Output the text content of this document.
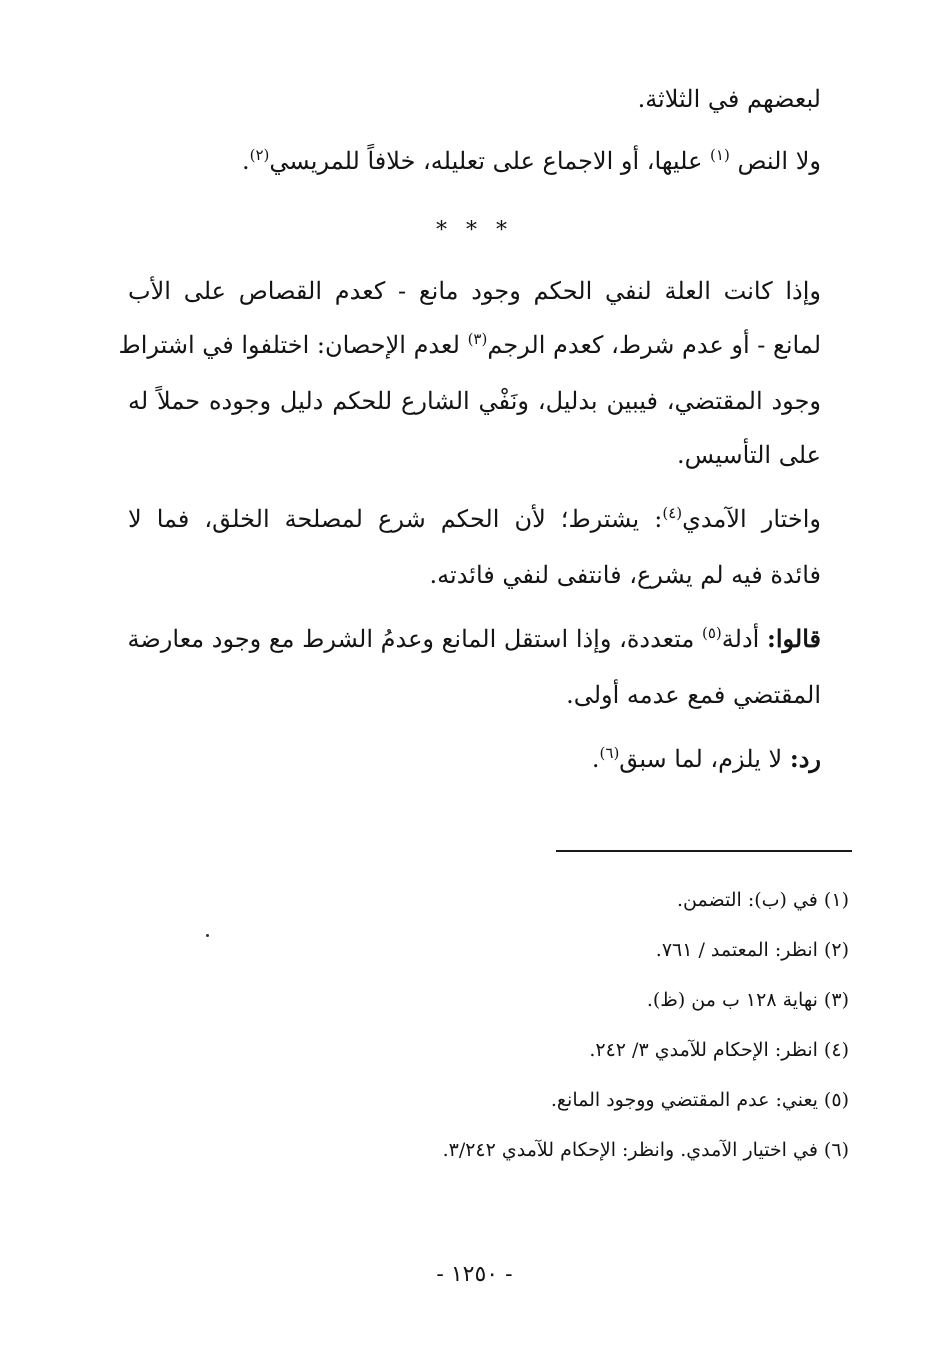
لبعضهم في الثلاثة.
ولا النص $^{(١)}$ عليها، أو الاجماع على تعليله، خلافاً للمريسي$^{(٢)}$.
* * *
وإذا كانت العلة لنفي الحكم وجود مانع - كعدم القصاص على الأب
لمانع - أو عدم شرط، كعدم الرجم$^{(٣)}$ لعدم الإحصان: اختلفوا في اشتراط
وجود المقتضي، فيبين بدليل، ونَفْي الشارع للحكم دليل وجوده حملاً له
على التأسيس.
واختار الآمدي$^{(٤)}$: يشترط؛ لأن الحكم شرع لمصلحة الخلق، فما لا
فائدة فيه لم يشرع، فانتفى لنفي فائدته.
قالوا: أدلة$^{(٥)}$ متعددة، وإذا استقل المانع وعدمُ الشرط مع وجود معارضة
المقتضي فمع عدمه أولى.
رد: لا يلزم، لما سبق$^{(٦)}$.
(١) في (ب): التضمن.
(٢) انظر: المعتمد / ٧٦١.
(٣) نهاية ١٢٨ ب من (ظ).
(٤) انظر: الإحكام للآمدي ٣/ ٢٤٢.
(٥) يعني: عدم المقتضي ووجود المانع.
(٦) في اختيار الآمدي. وانظر: الإحكام للآمدي ٣/٢٤٢.
- ١٢٥٠ -
